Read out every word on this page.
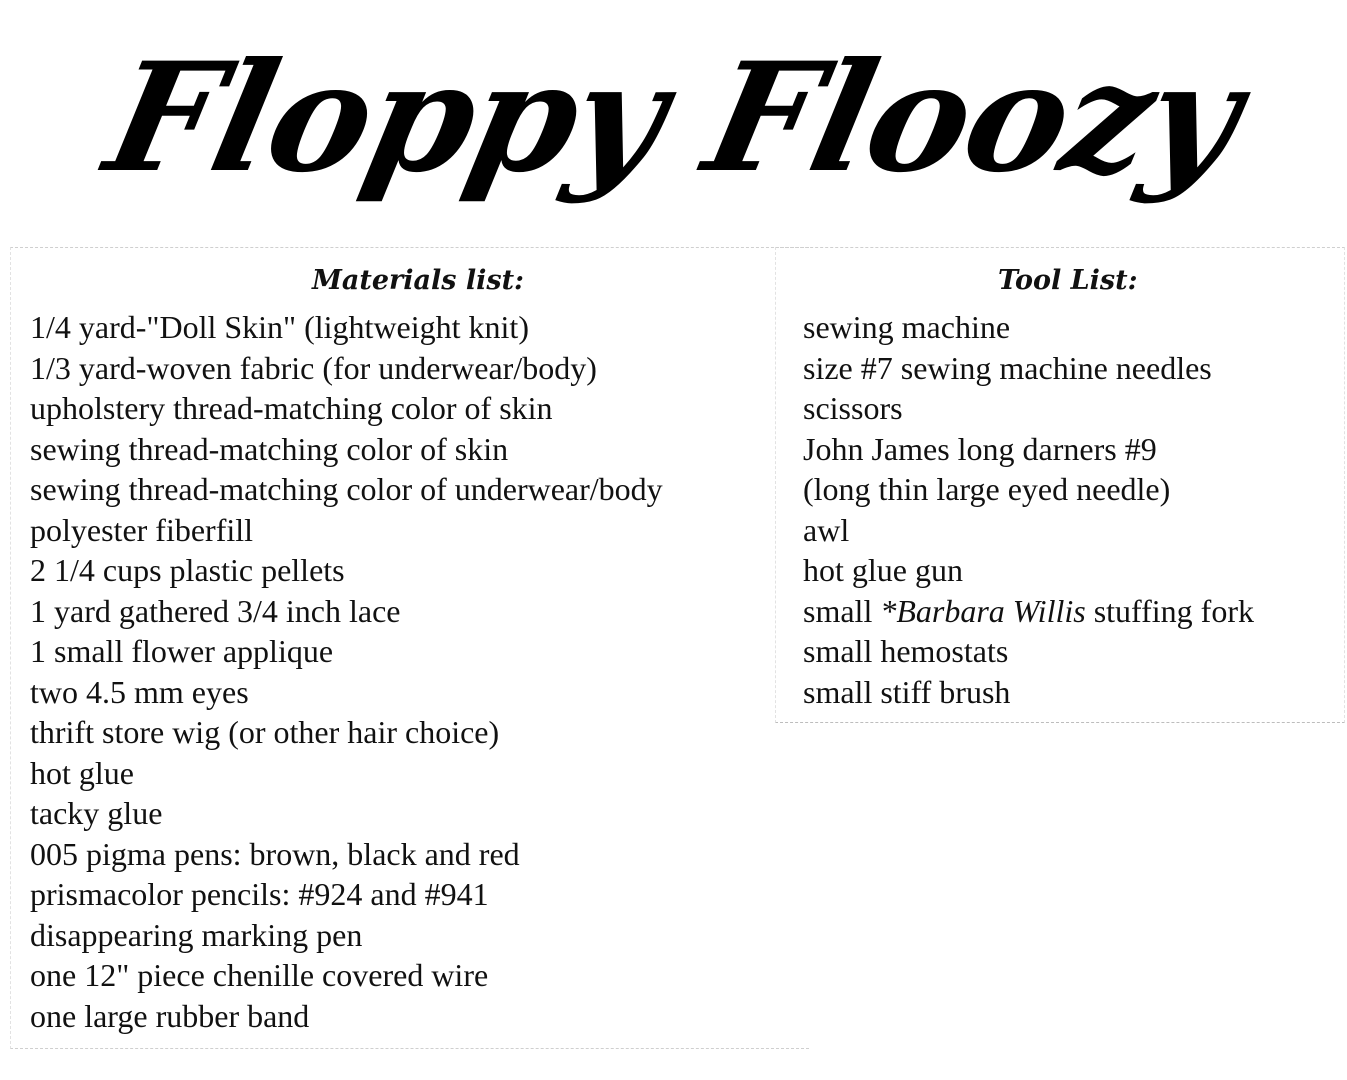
Floppy Floozy
Materials list:	Tool List:
1/4 yard-"Doll Skin" (lightweight knit)
1/3 yard-woven fabric (for underwear/body)
upholstery thread-matching color of skin
sewing thread-matching color of skin
sewing thread-matching color of underwear/body
polyester fiberfill
2 1/4 cups plastic pellets
1 yard gathered 3/4 inch lace
1 small flower applique
two 4.5 mm eyes
thrift store wig (or other hair choice)
hot glue
tacky glue
005 pigma pens: brown, black and red
prismacolor pencils: #924 and #941
disappearing marking pen
one 12" piece chenille covered wire
one large rubber band
sewing machine
size #7 sewing machine needles
scissors
John James long darners #9
(long thin large eyed needle)
awl
hot glue gun
small *Barbara Willis stuffing fork
small hemostats
small stiff brush
